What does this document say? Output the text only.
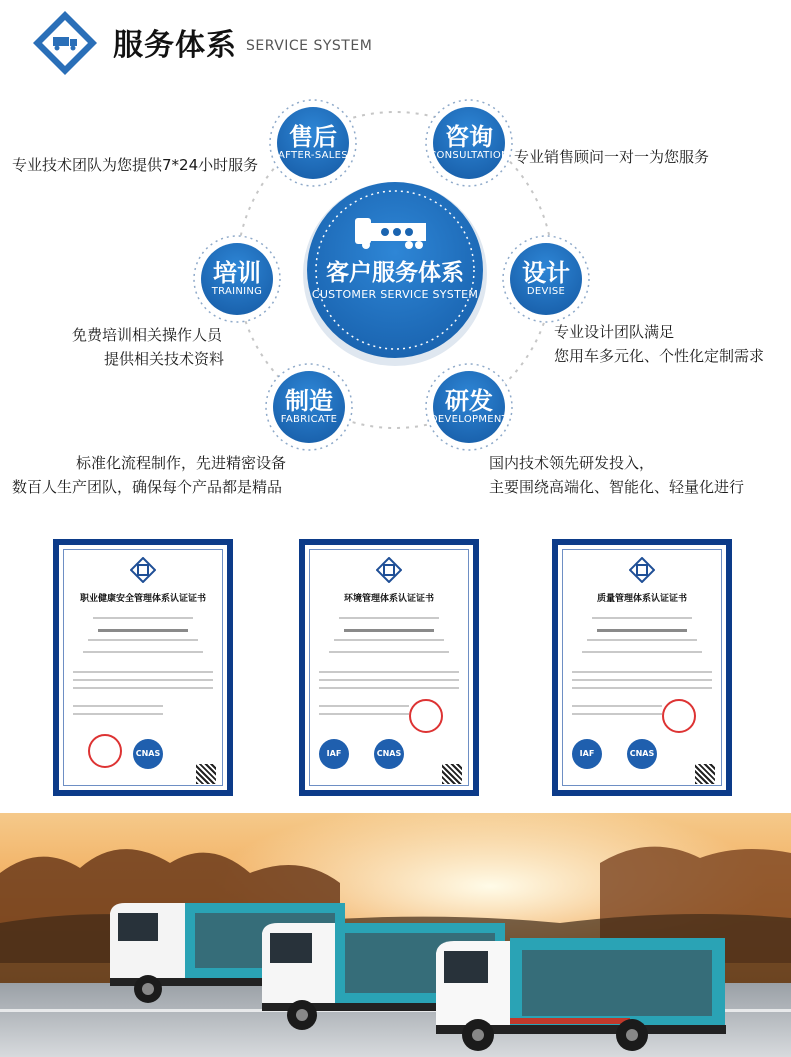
服务体系 SERVICE SYSTEM
客户服务体系
CUSTOMER SERVICE SYSTEM
售后
AFTER-SALES
咨询
CONSULTATION
设计
DEVISE
研发
DEVELOPMENT
制造
FABRICATE
培训
TRAINING
专业技术团队为您提供7*24小时服务	专业销售顾问一对一为您服务
专业设计团队满足
您用车多元化、个性化定制需求
国内技术领先研发投入，
主要围绕高端化、智能化、轻量化进行
标准化流程制作，先进精密设备
数百人生产团队，确保每个产品都是精品
免费培训相关操作人员
提供相关技术资料
职业健康安全管理体系认证证书
CNAS
环境管理体系认证证书
IAF	CNAS
质量管理体系认证证书
IAF	CNAS
